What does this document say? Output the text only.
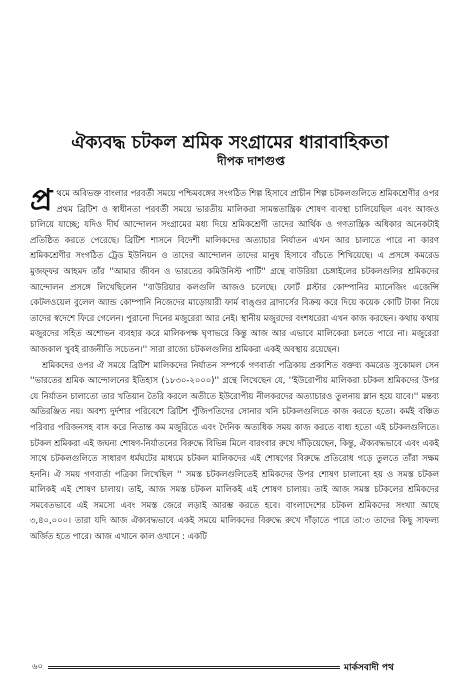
ঐক্যবদ্ধ চটকল শ্রমিক সংগ্রামের ধারাবাহিকতা
দীপক দাশগুপ্ত

প্র থমে অবিভক্ত বাংলার পরবর্তী সময়ে পশ্চিমবঙ্গের সংগঠিত শিল্প হিসাবে প্রাচীন শিল্প চটকলগুলিতে শ্রমিকশ্রেণীর ওপর প্রথম ব্রিটিশ ও স্বাধীনতা পরবর্তী সময়ে ভারতীয় মালিকরা সামন্ততান্ত্রিক শোষণ ব্যবস্থা চালিয়েছিল এবং আজও চালিয়ে যাচ্ছে; যদিও দীর্ঘ আন্দোলন সংগ্রামের মধ্য দিয়ে শ্রমিকশ্রেণী তাদের আর্থিক ও গণতান্ত্রিক অধিকার অনেকটাই প্রতিষ্ঠিত করতে পেরেছে। ব্রিটিশ শাসনে বিদেশী মালিকদের অত্যাচার নির্যাতন এখন আর চালাতে পারে না কারণ শ্রমিকশ্রেণীর সংগঠিত ট্রেড ইউনিয়ন ও তাদের আন্দোলন তাদের মানুষ হিসাবে বাঁচতে শিখিয়েছে। এ প্রসঙ্গে কমরেড মুজফ্ফর আহমদ তাঁর ''আমার জীবন ও ভারতের কমিউনিস্ট পার্টি'' গ্রন্থে বাউরিয়া চেঙ্গাইলের চটকলগুলির শ্রমিকদের আন্দোলন প্রসঙ্গে লিখেছিলেন ''বাউরিয়ার কলগুলি আজও চলেছে। ফোর্ট গ্লস্টার কোম্পানির ম্যানেজিং এজেন্সি কেটলওয়েল বুলেল অ্যান্ড কোম্পানি নিজেদের মাড়োয়ারী ফার্ম বাঙ্গুর ব্রাদার্সের বিক্রয় করে দিয়ে কয়েক কোটি টাকা নিয়ে তাদের স্বদেশে ফিরে গেলেন। পুরানো দিনের মজুরেরা আর নেই। স্থানীয় মজুরদের বংশধরেরা এখন কাজ করছেন। কথায় কথায় মজুরদের সহিত অশোভন ব্যবহার করে মালিকপক্ষ ঘৃণাভরে কিন্তু আজ আর এভাবে মালিকেরা চলতে পারে না। মজুরেরা আজকাল খুবই রাজনীতি সচেতন।'' সারা রাজ্যে চটকলগুলির শ্রমিকরা একই অবস্থায় রয়েছেন।

শ্রমিকদের ওপর ঐ সময়ে ব্রিটিশ মালিকদের নির্যাতন সম্পর্কে গণবার্তা পত্রিকায় প্রকাশিত বক্তব্য কমরেড সুকোমল সেন ''ভারতের শ্রমিক আন্দোলনের ইতিহাস (১৮৩০-২০০০)'' গ্রন্থে লিখেছেন যে, ''ইউরোপীয় মালিকরা চটকল শ্রমিকদের উপর যে নির্যাতন চালাতো তার খতিয়ান তৈরি করলে অতীতে ইউরোপীয় নীলকরদের অত্যাচারও তুলনায় ম্লান হয়ে যাবে।'' মন্তব্য অতিরঞ্জিত নয়। অবশ্য দুর্দশার পরিবেশে ব্রিটিশ পুঁজিপতিদের সোনার খনি চটকলগুলিতে কাজ করতে হতো। কর্মই বঞ্চিত পরিবার পরিজনসহ বাস করে নিতান্ত কম মজুরিতে এবং দৈনিক অত্যধিক সময় কাজ করতে বাধ্য হতো এই চটকলগুলিতে। চটকল শ্রমিকরা এই জঘন্য শোষণ-নির্যাতনের বিরুদ্ধে বিভিন্ন মিলে বারংবার রুখে দাঁড়িয়েছেন, কিন্তু, ঐক্যবদ্ধভাবে এবং একই সাথে চটকলগুলিতে সাধারণ ধর্মঘটের মাধ্যমে চটকল মালিকদের এই শোষণের বিরুদ্ধে প্রতিরোধ গড়ে তুলতে তাঁরা সক্ষম হননি। ঐ সময় গণবার্তা পত্রিকা লিখেছিল '' সমস্ত চটকলগুলিতেই শ্রমিকদের উপর শোষণ চালানো হয় ও সমস্ত চটকল মালিকই এই শোষণ চালায়। তাই, আজ সমস্ত চটকল মালিকই এই শোষণ চালায়। তাই আজ সমস্ত চটকলের শ্রমিকদের সমবেতভাবে এই সমস্যে এবং সমস্ত জেরে লড়াই আরম্ভ করতে হবে। বাংলাদেশের চটকল শ্রমিকদের সংখ্যা আছে ৩,৪০,০০০। তারা যদি আজ ঐক্যবদ্ধভাবে একই সময়ে মালিকদের বিরুদ্ধে রুখে দাঁড়াতে পারে তা:৩ তাদের কিছু সাফল্য অর্জিত হতে পারে। আজ এখানে কাল ওখানে : একটি

৬০	মার্কসবাদী পথ
